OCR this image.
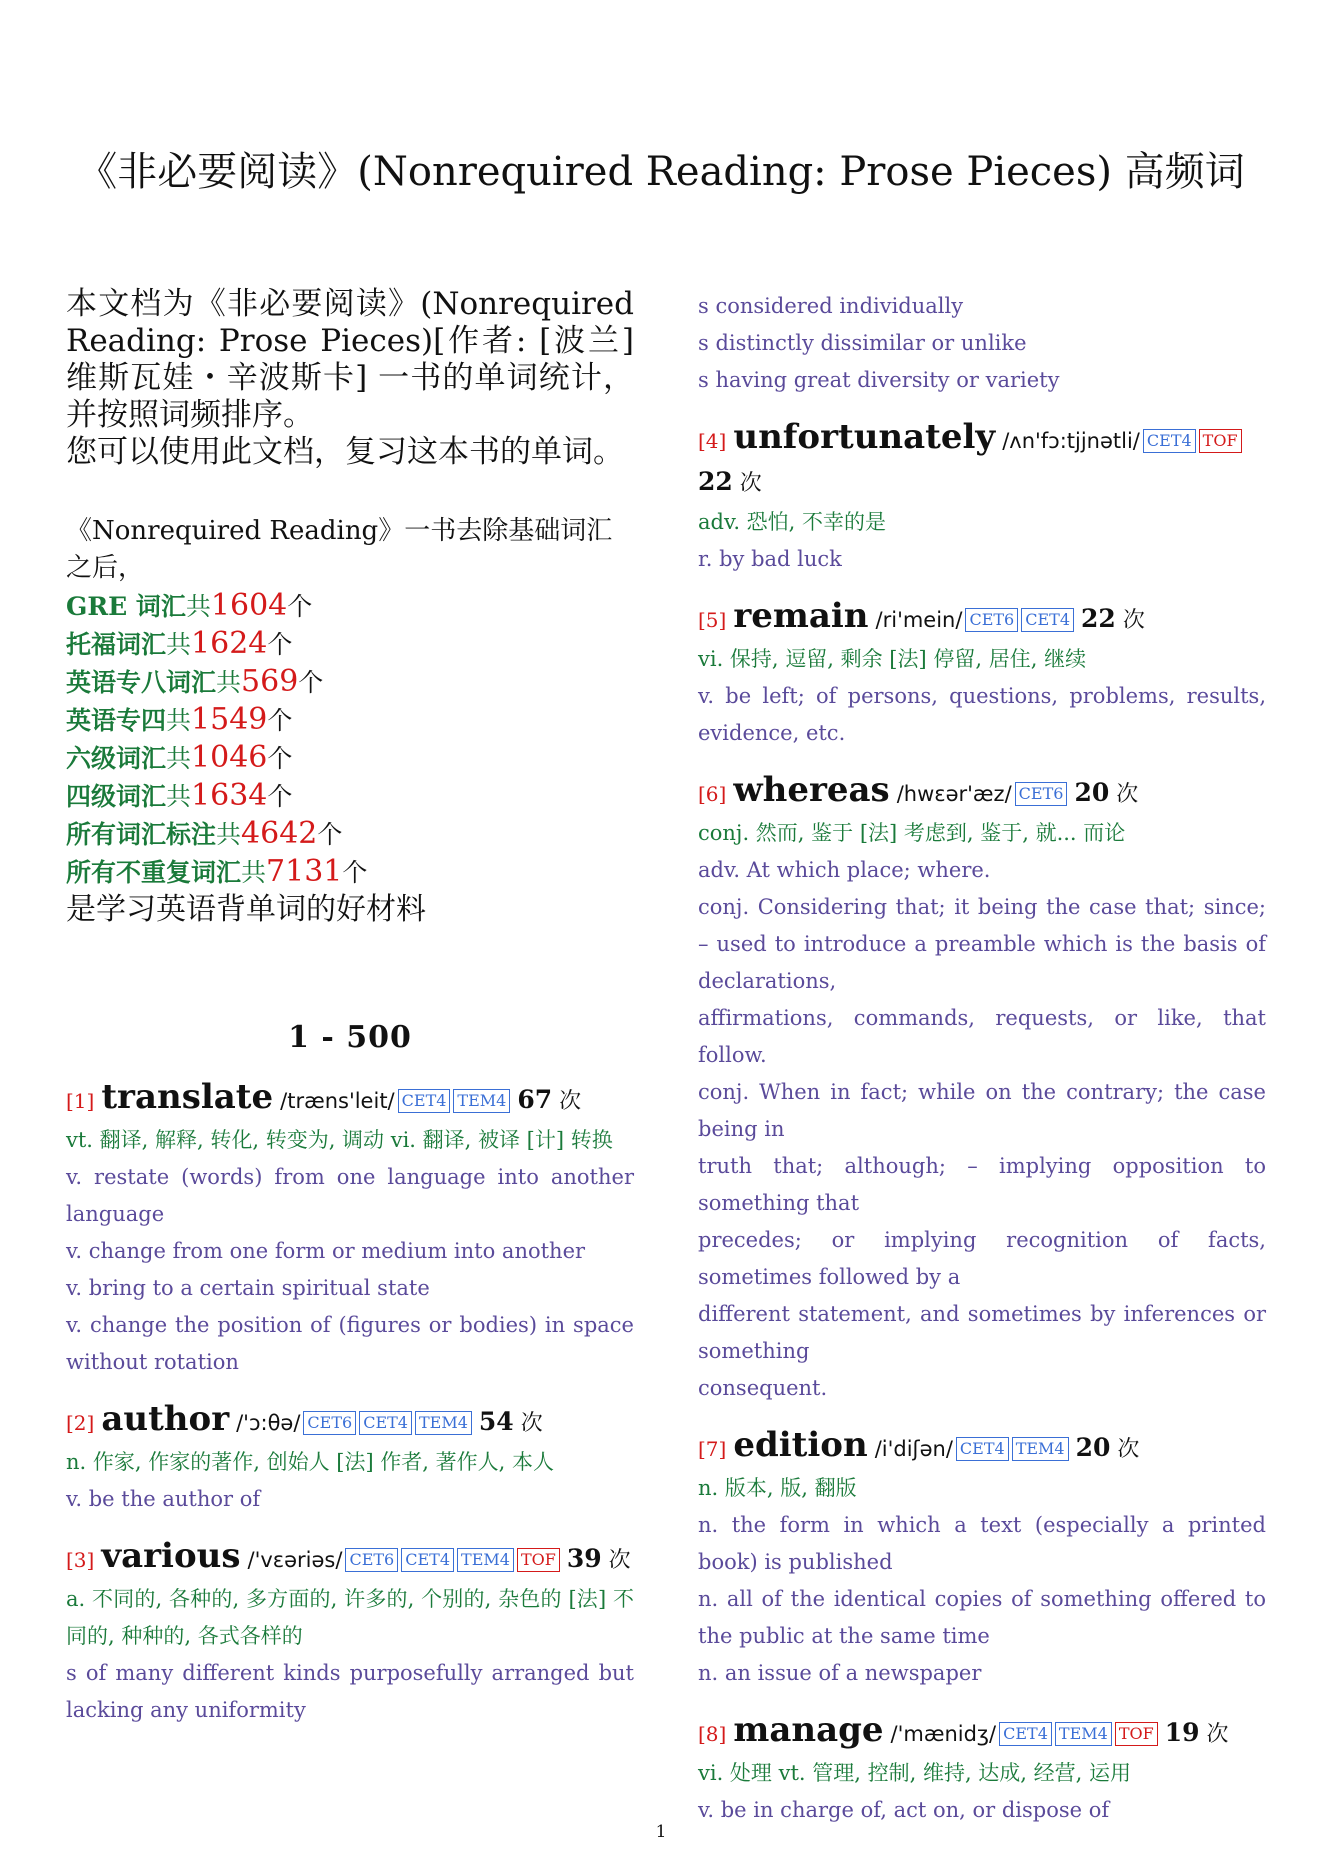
《非必要阅读》(Nonrequired Reading: Prose Pieces) 高频词

本文档为《非必要阅读》(Nonrequired Reading: Prose Pieces)[作者: [波兰] 维斯瓦娃・辛波斯卡] 一书的单词统计，并按照词频排序。

您可以使用此文档，复习这本书的单词。

《Nonrequired Reading》一书去除基础词汇之后，
GRE 词汇共1604个
托福词汇共1624个
英语专八词汇共569个
英语专四共1549个
六级词汇共1046个
四级词汇共1634个
所有词汇标注共4642个
所有不重复词汇共7131个
是学习英语背单词的好材料
1 - 500
[1] translate /træns'leit/ CET4 TEM4 67 次
vt. 翻译, 解释, 转化, 转变为, 调动 vi. 翻译, 被译 [计] 转换
v. restate (words) from one language into another language
v. change from one form or medium into another
v. bring to a certain spiritual state
v. change the position of (figures or bodies) in space without rotation
[2] author /'ɔ:θə/ CET6 CET4 TEM4 54 次
n. 作家, 作家的著作, 创始人 [法] 作者, 著作人, 本人
v. be the author of
[3] various /'vɛəriəs/ CET6 CET4 TEM4 TOF 39 次
a. 不同的, 各种的, 多方面的, 许多的, 个别的, 杂色的 [法] 不同的, 种种的, 各式各样的
s of many different kinds purposefully arranged but lacking any uniformity
s considered individually
s distinctly dissimilar or unlike
s having great diversity or variety
[4] unfortunately /ʌn'fɔ:tjjnətli/ CET4 TOF 22 次
adv. 恐怕, 不幸的是
r. by bad luck
[5] remain /ri'mein/ CET6 CET4 22 次
vi. 保持, 逗留, 剩余 [法] 停留, 居住, 继续
v. be left; of persons, questions, problems, results, evidence, etc.
[6] whereas /hwɛər'æz/ CET6 20 次
conj. 然而, 鉴于 [法] 考虑到, 鉴于, 就... 而论
adv. At which place; where.
conj. Considering that; it being the case that; since; – used to introduce a preamble which is the basis of declarations,
affirmations, commands, requests, or like, that follow.
conj. When in fact; while on the contrary; the case being in
truth that; although; – implying opposition to something that
precedes; or implying recognition of facts, sometimes followed by a
different statement, and sometimes by inferences or something
consequent.
[7] edition /i'diʃən/ CET4 TEM4 20 次
n. 版本, 版, 翻版
n. the form in which a text (especially a printed book) is published
n. all of the identical copies of something offered to the public at the same time
n. an issue of a newspaper
[8] manage /'mænidʒ/ CET4 TEM4 TOF 19 次
vi. 处理 vt. 管理, 控制, 维持, 达成, 经营, 运用
v. be in charge of, act on, or dispose of
1
